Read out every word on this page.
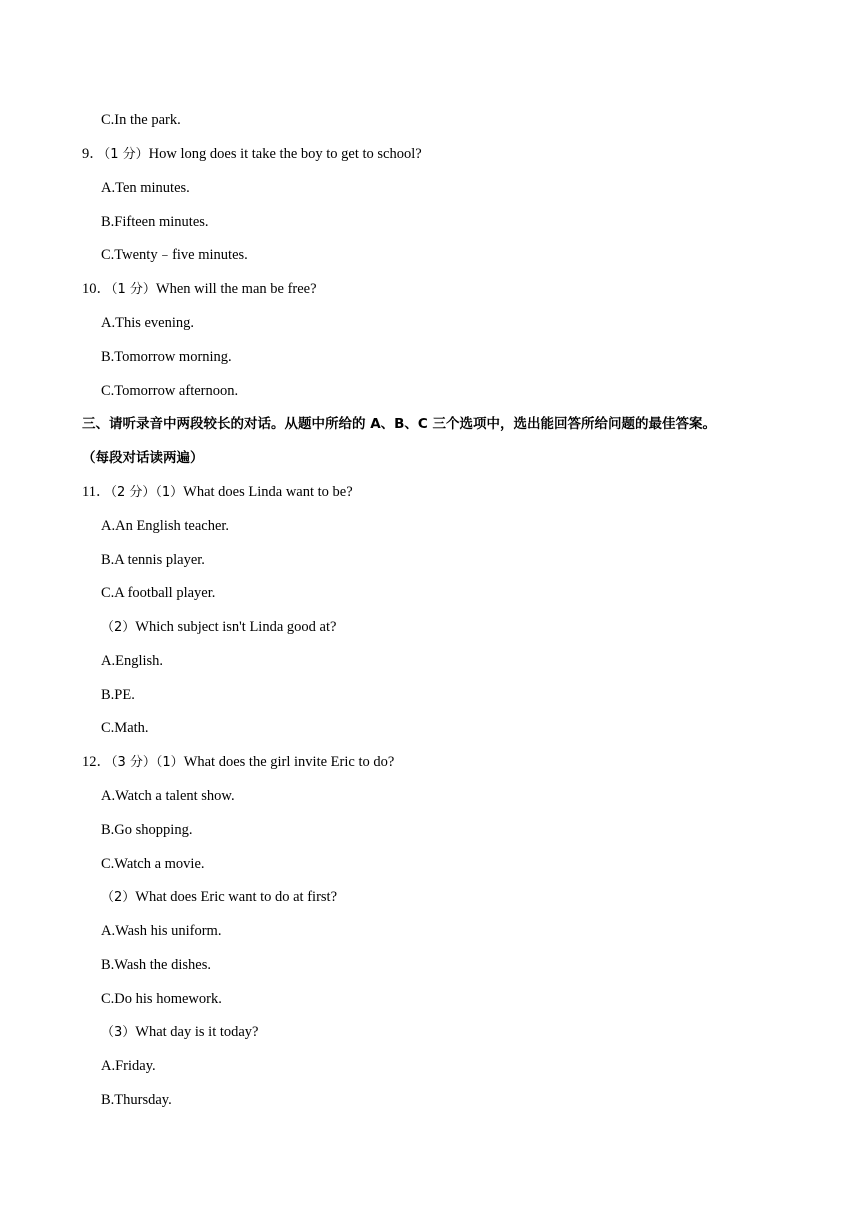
C.In the park.
9．（1 分）How long does it take the boy to get to school?
A.Ten minutes.
B.Fifteen minutes.
C.Twenty﹣five minutes.
10．（1 分）When will the man be free?
A.This evening.
B.Tomorrow morning.
C.Tomorrow afternoon.
三、请听录音中两段较长的对话。从题中所给的 A、B、C 三个选项中，选出能回答所给问题的最佳答案。
（每段对话读两遍）
11．（2 分）（1）What does Linda want to be?
A.An English teacher.
B.A tennis player.
C.A football player.
（2）Which subject isn't Linda good at?
A.English.
B.PE.
C.Math.
12．（3 分）（1）What does the girl invite Eric to do?
A.Watch a talent show.
B.Go shopping.
C.Watch a movie.
（2）What does Eric want to do at first?
A.Wash his uniform.
B.Wash the dishes.
C.Do his homework.
（3）What day is it today?
A.Friday.
B.Thursday.
